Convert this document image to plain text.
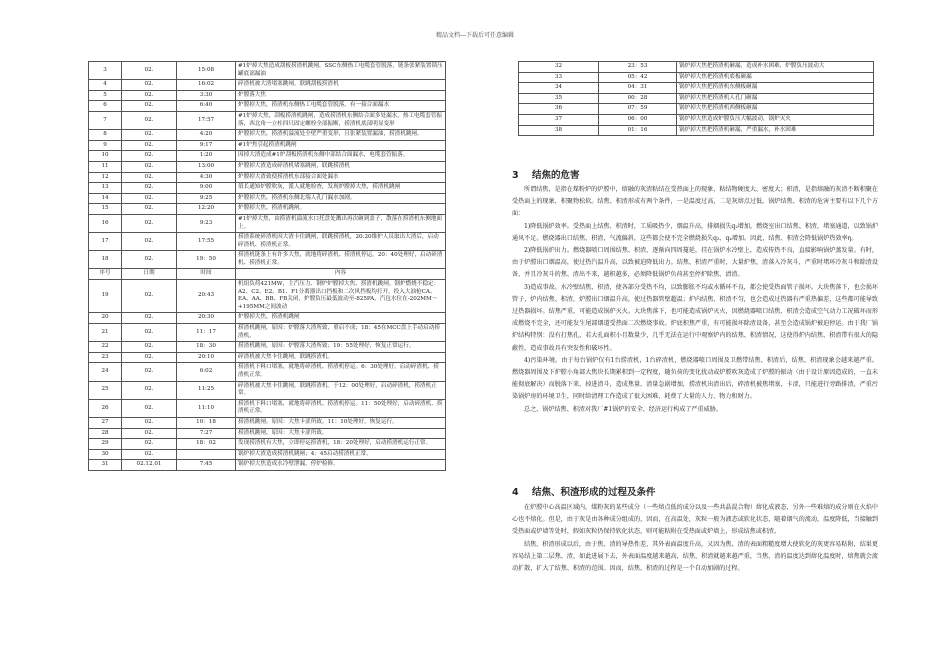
精品文档---下载后可任意编辑
3	02.	15:08	#1炉掉大焦造成刮板捞渣机跳闸，SSC东侧热工电缆套管脱落，链条张紧装置锁压罐底部漏油
4	02.	16:02	碎渣机被大渣堵塞跳闸，联跳刮板捞渣机
5	02.	3:30	炉膛落大焦
6	02.	6:40	炉膛掉大焦，捞渣机东侧热工电缆套管脱落，有一接合面漏水
7	02.	17:57	#1炉掉大焦，刮板捞渣机跳闸，造成捞渣机东侧结合面多处漏水，热工电缆套管振落，西北角一立柱四只固定螺栓全部振断，捞渣机底部明显变形
8	02.	4:20	炉膛掉大焦，捞渣机溢流处全壁严重变形，且张紧装置漏油，捞渣机跳闸。
9	02.	9:17	#1炉焦引起捞渣机跳闸
10	02.	1:20	因掉大渣造成#1炉刮板捞渣机东侧中部结合面漏水，电缆套管振落。
11	02.	13:00	炉膛掉大渣造成碎渣机堵塞跳闸，联跳捞渣机
12	02.	4:30	炉膛掉大渣致使捞渣机东部接合面处漏水
13	02.	9:00	值长通知炉膛吹灰，派人就地检查，发现炉膛掉大焦，捞渣机跳闸
14	02.	9:25	炉膛掉大焦，捞渣机东侧北端人孔门漏水加剧。
15	02.	12:20	炉膛掉大焦，捞渣机跳闸。
16	02.	9:23	#1炉掉大焦，由捞渣机溢流水口托盘处溅出再次砸到盖子，散落在捞渣机东侧地面上。
17	02.	17:55	捞渣系统碎渣机因大渣卡住跳闸，联跳捞渣机，20:20维护人员取出大渣后，启动碎渣机、捞渣机正常。
18	02.	19：50	捞渣机链条上有许多大焦，就地将碎渣机、捞渣机停运。20：40处理好，启动碎渣机、捞渣机正常。
序号	日期	时间	内容
19	02.	20:43	机组负荷421MW，主汽压力、钢炉炉膛掉大焦、捞渣机跳闸。钢炉燃烧不稳定：A2、C2、E2、B1、F1分离器出口挡板和二次风挡板均打开，投入大油枪CA、EA、AA、BB、FB关闭，炉膛负压最低波动至-825PA，汽包水位在-202MM～+195MM之间波动
20	02.	20:30	炉膛掉大焦，捞渣机跳闸
21	02.	11：17	捞渣机跳闸，原因：炉膛落大渣所致，重启不成；18：45在MCC盘上手动启动捞渣机。
22	02.	18：30	捞渣机跳闸，原因：炉膛落大渣所致；19：55处理好，恢复正常运行。
23	02.	20:10	碎渣机被大焦卡住跳闸，联跳捞渣机。
24	02.	6:02	捞渣机下料口堵塞，就地将碎渣机、捞渣机停运。6：30处理好，启动碎渣机、捞渣机正常。
25	02.	11:25	碎渣机被大焦卡住跳闸，联跳捞渣机。于12：00处理好，启动碎渣机，捞渣机正常。
26	02.	11:10	捞渣机下料口堵塞，就地将碎渣机、捞渣机停运。11：50处理好，启动碎渣机、捞渣机正常。
27	02.	10：18	捞渣机跳闸，原因：大焦卡涩所致。11：10处理好，恢复运行。
28	02.	7:27	捞渣机跳闸，原因：大焦卡涩所致。
29	02.	18：02	发现捞渣机有大焦，立即停运捞渣机，18：20处理好，启动捞渣机运行正常。
30	02.		锅炉掉大渣造成捞渣机跳闸；4：45启动捞渣机正常。
31	02.12.01	7:45	锅炉掉大焦造成水冷壁泄漏，停炉检修。
32	23：53	锅炉掉大焦把捞渣机砸漏，造成补水困难，炉膛负压波动大
33	05：42	锅炉掉大焦把捞渣机底板砸漏
34	04：31	锅炉掉大焦把捞渣机东侧板砸漏
35	00：28	锅炉掉大焦把捞渣机人孔门砸漏
36	07：59	锅炉掉大焦把捞渣机西侧板砸漏
37	06：00	锅炉掉大焦造成炉膛负压大幅波动，锅炉灭火
38	01：16	锅炉掉大焦把捞渣机砸漏，严重漏水，补水困难
3 结焦的危害

所谓结焦，是指在煤粉炉的炉膛中，熔融的灰渣粘结在受热面上的现象，粘结物硬度大、密度大；积渣，是指熔融的灰渣不断积聚在受热面上的现象，积聚物松软。结焦、积渣形成有两个条件，一是温度过高，二是灰熔点过低。锅炉结焦、积渣的危害主要有以下几个方面：

1)降低锅炉效率。受热面上结焦、积渣时，工质吸热少，烟温升高，排烟损失q₂增加，燃烧室出口结焦、积渣，堵塞通道，以致锅炉通风不足。燃烧器出口结焦、积渣，气流偏斜，这些都会使不完全燃烧损失q₃、q₄增加。因此，结焦、积渣会降低锅炉热效率η。

2)降低锅炉出力。燃烧器喷口周围结焦、积渣，逐渐向四周蔓延，挂在锅炉水冷壁上，造成传热不良，直接影响锅炉蒸发量。有时，由于炉膛出口烟温高，使过热汽温升高，以致被迫降低出力。结焦、积渣严重时，大量炉焦，渣落入冷灰斗，严重时堵环冷灰斗和除渣设备，并且冷灰斗的焦、渣出不来，越积越多，必须降低锅炉负荷甚至停炉除焦、清渣。

3)造成事故。水冷壁结焦、积渣，使各部分受热不均，以致膨胀不均或水循环不良，都会使受热面管子损坏。大块焦落下，也会损坏管子，炉内结焦、积渣，炉膛出口烟温升高，使过热器管壁超温；炉内结焦、积渣不匀，也会造成过热器有严重热偏差，这些都可能导致过热器损坏。结焦严重，可能造成锅炉灭火。大块焦落下，也可能造成锅炉灭火，因燃烧器喷口结焦、积渣会造成空气动力工况破坏而形成燃烧不完全，还可能发生尾部烟道受热面二次燃烧事故。炉底积焦严重，有可能损坏除渣设备，甚至会造成锅炉被迫停运。由于我厂锅炉结构特别：没有打焦孔，若大孔面积小且数量少，几乎无法在运行中观察炉内的结焦、积渣情况，这使得炉内结焦、积渣带有很大的隐蔽性，造成事故具有突发性和破坏性。

4)污染环境。由于每台锅炉仅有1台捞渣机，1台碎渣机，燃烧器喷口周围及卫燃带结焦、积渣后，结焦、积渣现象会越来越严重。燃烧器周围及下炉膛小角部大焦块长期累积到一定程度，随负荷的变化扰动或炉膛吹灰造成了炉膛的振动（由于设计原因造成的，一直未能彻底解决）而脱落下来，掉进渣斗，造成焦量、渣量急剧增加，捞渣机出渣出后，碎渣机被焦堵塞，卡涩，只能进行旁路排渣，严重污染锅炉房的环境卫生，同时给清理工作造成了很大困难，耗费了大量的人力、物力和财力。

总之，锅炉结焦、积渣对我厂#1锅炉的安全、经济运行构成了严重威胁。

4 结焦、积渣形成的过程及条件

在炉膛中心高温区域内，煤粉灰的某些成分（一些熔点低的成分以及一些共晶混合物）熔化成液态，另外一些难熔的成分则在火焰中心也不熔化。但是，由于灰是由各种成分组成的，因而，在高温处，灰粒一般为液态或软化状态，随着烟气的流动，温度降低，当接触到受热面或炉墙等处时，假如灰粒仍保持软化状态，则可能粘附在受热面或炉墙上，形成结焦或积渣。

结焦、积渣形成以后，由于焦、渣的导热性差，其外表面温度升高，又因为焦、渣的表面粗糙度增大使软化的灰更容易粘附，结果更容易结上第二层焦、渣，如此进展下去，外表面温度越来越高，结焦、积渣就越来越严重，当焦、渣的温度达到熔化温度时，熔焦就会流动扩散，扩大了结焦、积渣的范围。因而，结焦、积渣的过程是一个自动加剧的过程。
